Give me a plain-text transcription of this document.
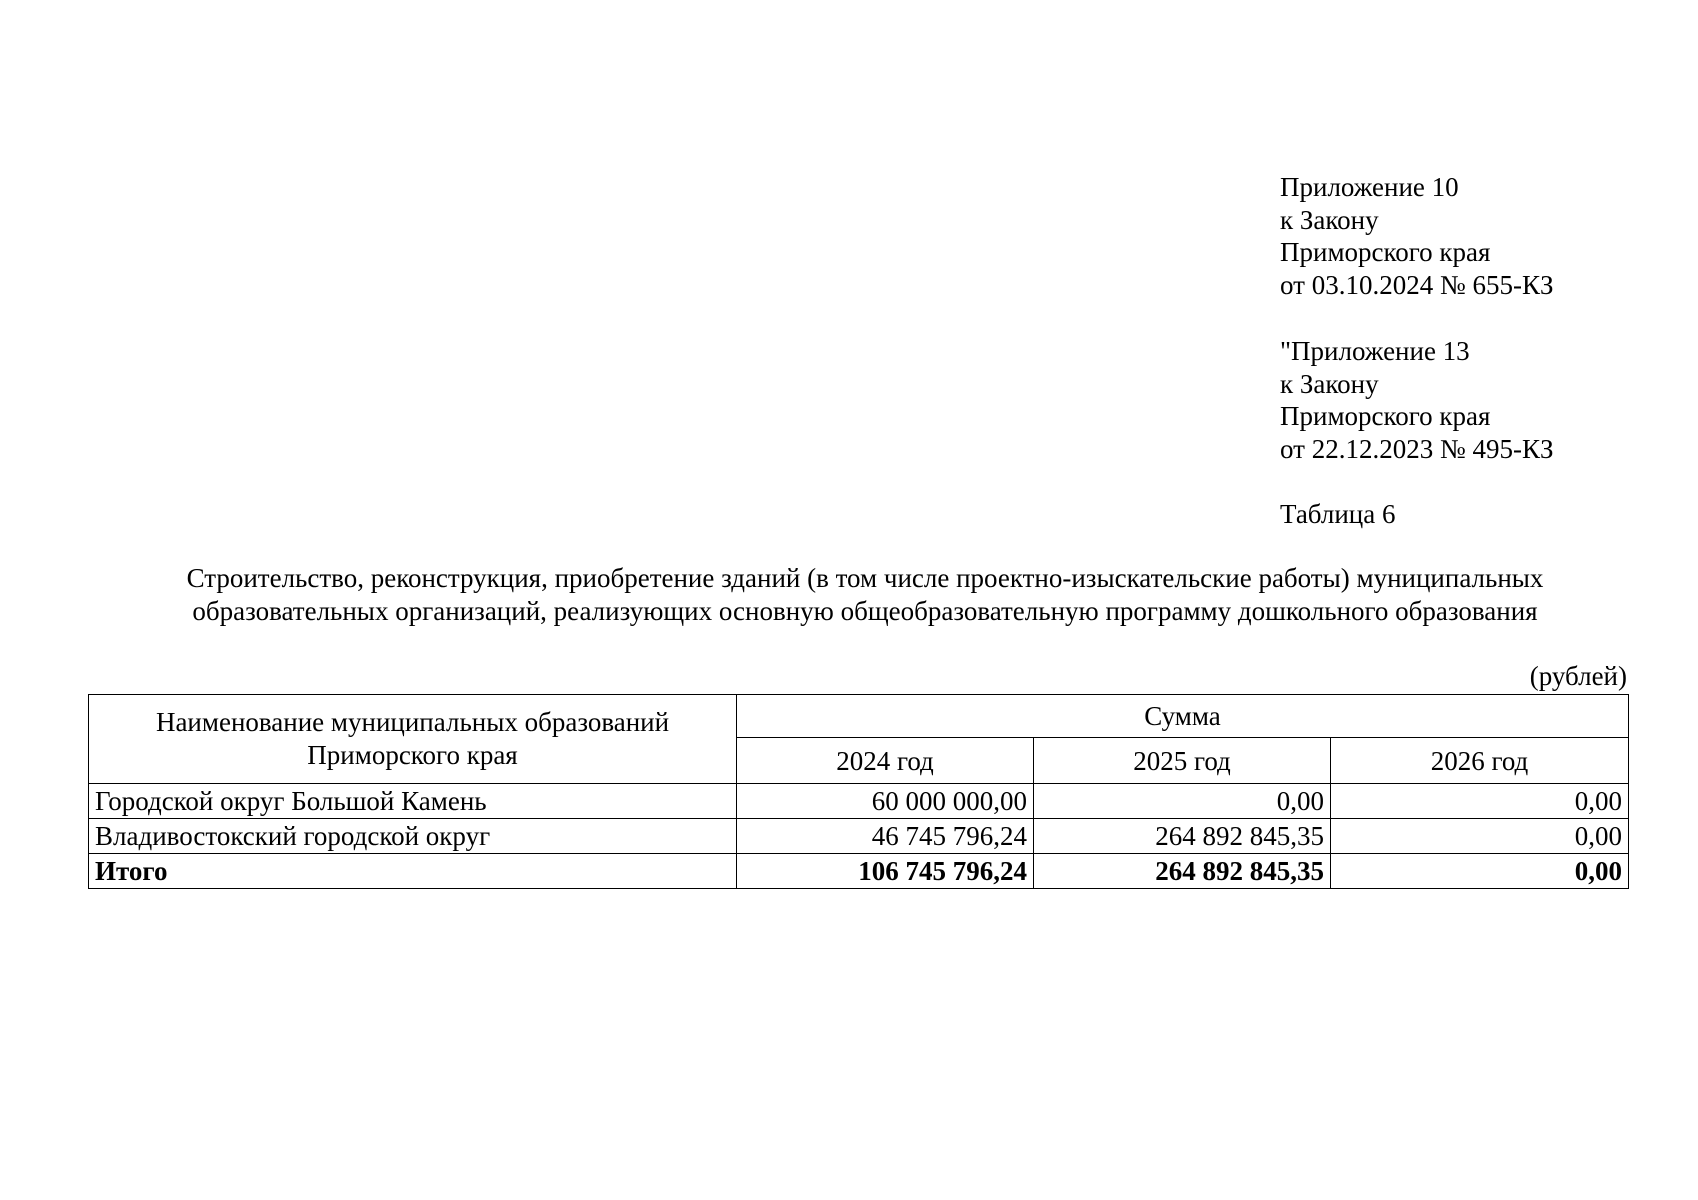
Приложение 10
к Закону
Приморского края
от 03.10.2024 № 655-КЗ
"Приложение 13
к Закону
Приморского края
от 22.12.2023 № 495-КЗ
Таблица 6
Строительство, реконструкция, приобретение зданий (в том числе проектно-изыскательские работы) муниципальных
образовательных организаций, реализующих основную общеобразовательную программу дошкольного образования
(рублей)
Наименование муниципальных образований
Приморского края	Сумма		
	2024 год	2025 год	2026 год
Городской округ Большой Камень	60 000 000,00	0,00	0,00
Владивостокский городской округ	46 745 796,24	264 892 845,35	0,00
Итого	106 745 796,24	264 892 845,35	0,00
